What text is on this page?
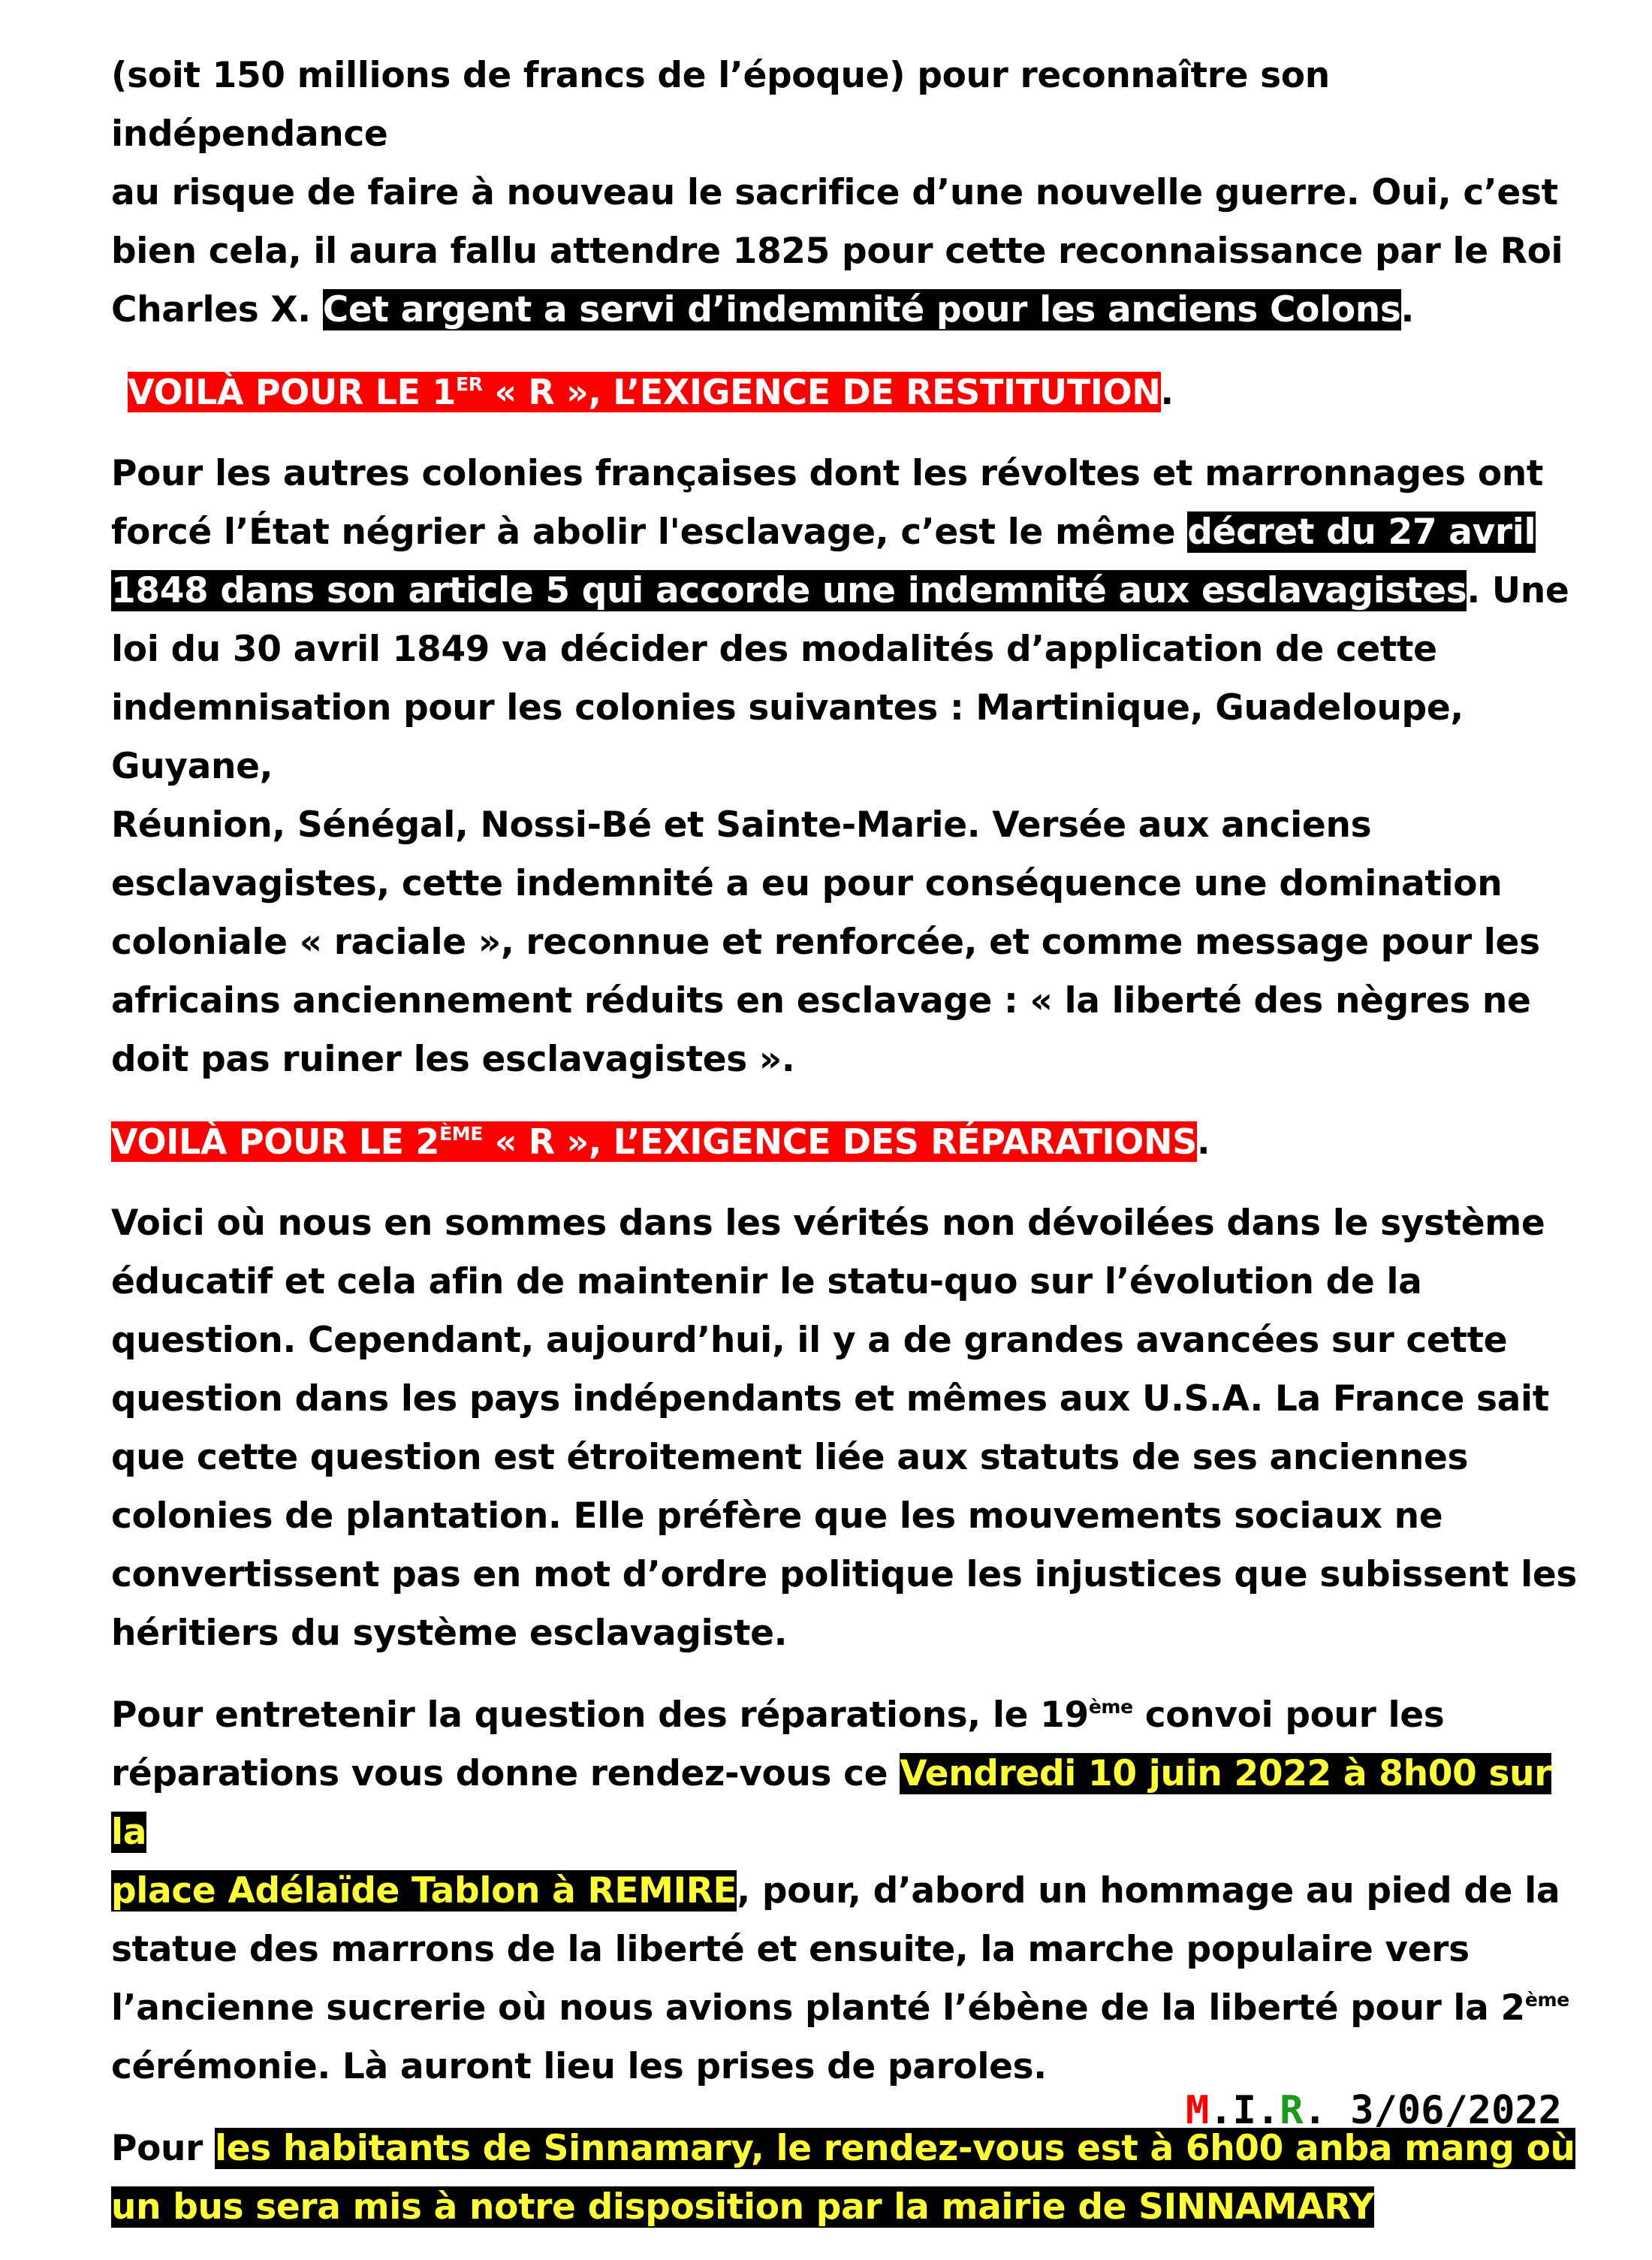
(soit 150 millions de francs de l’époque) pour reconnaître son indépendance
au risque de faire à nouveau le sacrifice d’une nouvelle guerre. Oui, c’est
bien cela, il aura fallu attendre 1825 pour cette reconnaissance par le Roi
Charles X. Cet argent a servi d’indemnité pour les anciens Colons.
VOILÀ POUR LE 1ER « R », L’EXIGENCE DE RESTITUTION.
Pour les autres colonies françaises dont les révoltes et marronnages ont
forcé l’État négrier à abolir l'esclavage, c’est le même décret du 27 avril
1848 dans son article 5 qui accorde une indemnité aux esclavagistes. Une
loi du 30 avril 1849 va décider des modalités d’application de cette
indemnisation pour les colonies suivantes : Martinique, Guadeloupe, Guyane,
Réunion, Sénégal, Nossi-Bé et Sainte-Marie. Versée aux anciens
esclavagistes, cette indemnité a eu pour conséquence une domination
coloniale « raciale », reconnue et renforcée, et comme message pour les
africains anciennement réduits en esclavage : « la liberté des nègres ne
doit pas ruiner les esclavagistes ».
VOILÀ POUR LE 2ÈME « R », L’EXIGENCE DES RÉPARATIONS.
Voici où nous en sommes dans les vérités non dévoilées dans le système
éducatif et cela afin de maintenir le statu-quo sur l’évolution de la
question. Cependant, aujourd’hui, il y a de grandes avancées sur cette
question dans les pays indépendants et mêmes aux U.S.A. La France sait
que cette question est étroitement liée aux statuts de ses anciennes
colonies de plantation. Elle préfère que les mouvements sociaux ne
convertissent pas en mot d’ordre politique les injustices que subissent les
héritiers du système esclavagiste.
Pour entretenir la question des réparations, le 19ème convoi pour les
réparations vous donne rendez-vous ce Vendredi 10 juin 2022 à 8h00 sur la
place Adélaïde Tablon à REMIRE, pour, d’abord un hommage au pied de la
statue des marrons de la liberté et ensuite, la marche populaire vers
l’ancienne sucrerie où nous avions planté l’ébène de la liberté pour la 2ème
cérémonie. Là auront lieu les prises de paroles.
Pour les habitants de Sinnamary, le rendez-vous est à 6h00 anba mang où
un bus sera mis à notre disposition par la mairie de SINNAMARY
M.I.R. 3/06/2022
